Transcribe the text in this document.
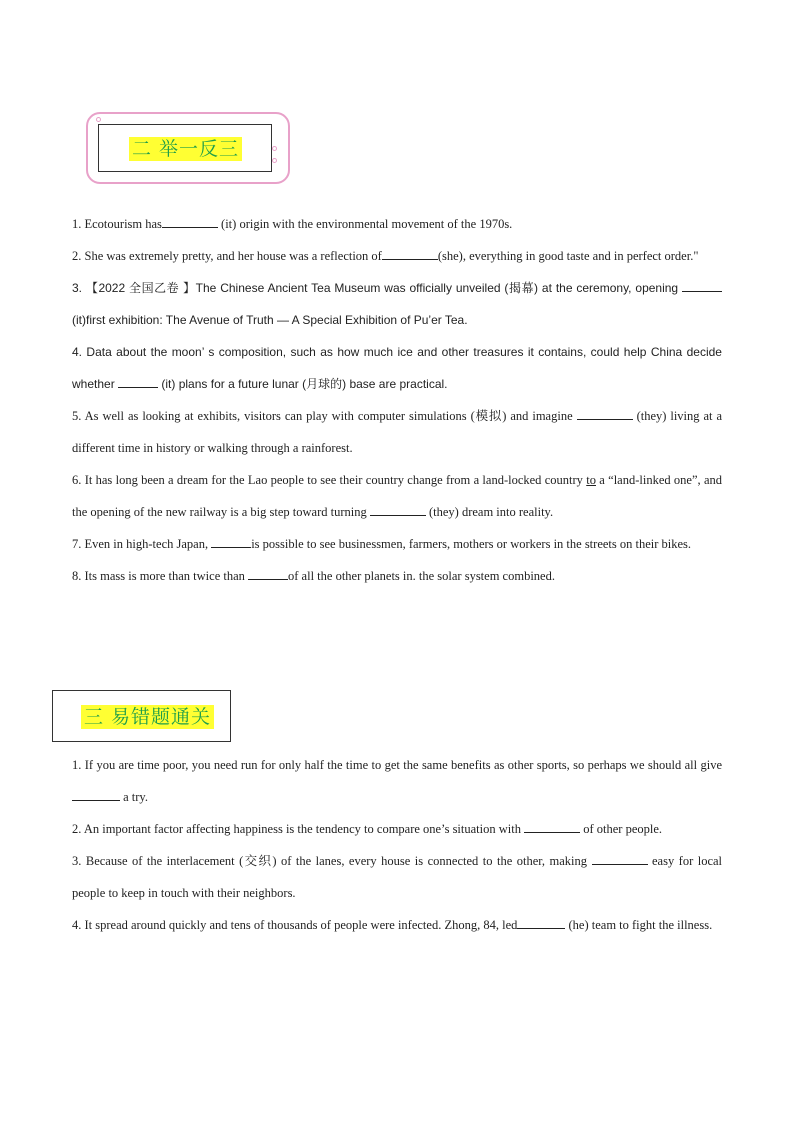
二 举一反三
1. Ecotourism has	(it) origin with the environmental movement of the 1970s.
2. She was extremely pretty, and her house was a reflection of	(she), everything in good taste and in perfect order."
3. 【2022 全国乙卷 】The Chinese Ancient Tea Museum was officially unveiled (揭幕) at the ceremony, opening  (it)first exhibition: The Avenue of Truth — A Special Exhibition of Pu’er Tea.
4. Data about the moon’ s composition, such as how much ice and other treasures it contains, could help China decide whether	(it) plans for a future lunar (月球的) base are practical.
5. As well as looking at exhibits, visitors can play with computer simulations (模拟) and imagine	(they) living at a different time in history or walking through a rainforest.
6. It has long been a dream for the Lao people to see their country change from a land-locked country to a “land-linked one”, and the opening of the new railway is a big step toward turning	(they) dream into reality.
7. Even in high-tech Japan,	is possible to see businessmen, farmers, mothers or workers in the streets on their bikes.
8. Its mass is more than twice than	of all the other planets in. the solar system combined.
三 易错题通关
1. If you are time poor, you need run for only half the time to get the same benefits as other sports, so perhaps we should all give  a try.
2. An important factor affecting happiness is the tendency to compare one’s situation with	of other people.
3. Because of the interlacement (交织) of the lanes, every house is connected to the other, making	easy for local people to keep in touch with their neighbors.
4. It spread around quickly and tens of thousands of people were infected. Zhong, 84, led	(he) team to fight the illness.
